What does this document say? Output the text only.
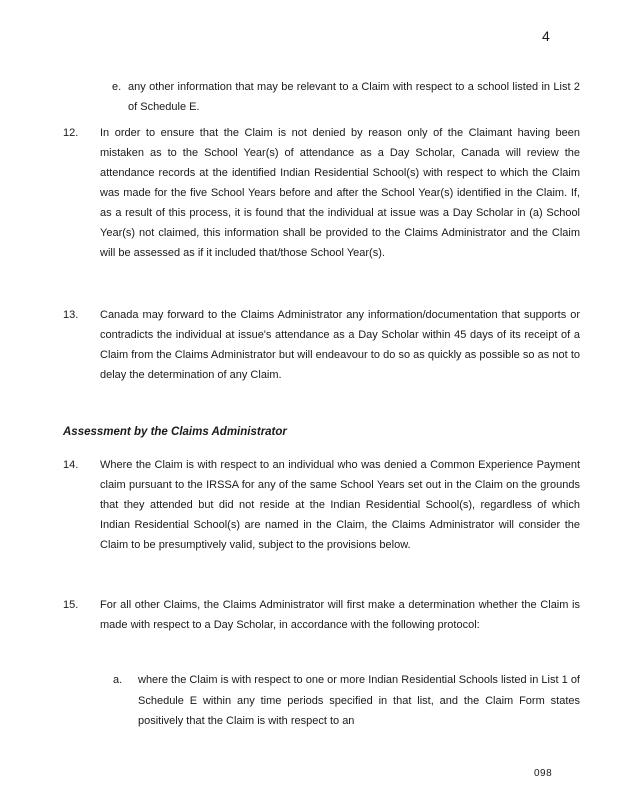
4
e. any other information that may be relevant to a Claim with respect to a school listed in List 2 of Schedule E.
12.	In order to ensure that the Claim is not denied by reason only of the Claimant having been mistaken as to the School Year(s) of attendance as a Day Scholar, Canada will review the attendance records at the identified Indian Residential School(s) with respect to which the Claim was made for the five School Years before and after the School Year(s) identified in the Claim. If, as a result of this process, it is found that the individual at issue was a Day Scholar in (a) School Year(s) not claimed, this information shall be provided to the Claims Administrator and the Claim will be assessed as if it included that/those School Year(s).
13.	Canada may forward to the Claims Administrator any information/documentation that supports or contradicts the individual at issue's attendance as a Day Scholar within 45 days of its receipt of a Claim from the Claims Administrator but will endeavour to do so as quickly as possible so as not to delay the determination of any Claim.
Assessment by the Claims Administrator
14.	Where the Claim is with respect to an individual who was denied a Common Experience Payment claim pursuant to the IRSSA for any of the same School Years set out in the Claim on the grounds that they attended but did not reside at the Indian Residential School(s), regardless of which Indian Residential School(s) are named in the Claim, the Claims Administrator will consider the Claim to be presumptively valid, subject to the provisions below.
15.	For all other Claims, the Claims Administrator will first make a determination whether the Claim is made with respect to a Day Scholar, in accordance with the following protocol:
a.	where the Claim is with respect to one or more Indian Residential Schools listed in List 1 of Schedule E within any time periods specified in that list, and the Claim Form states positively that the Claim is with respect to an
098
